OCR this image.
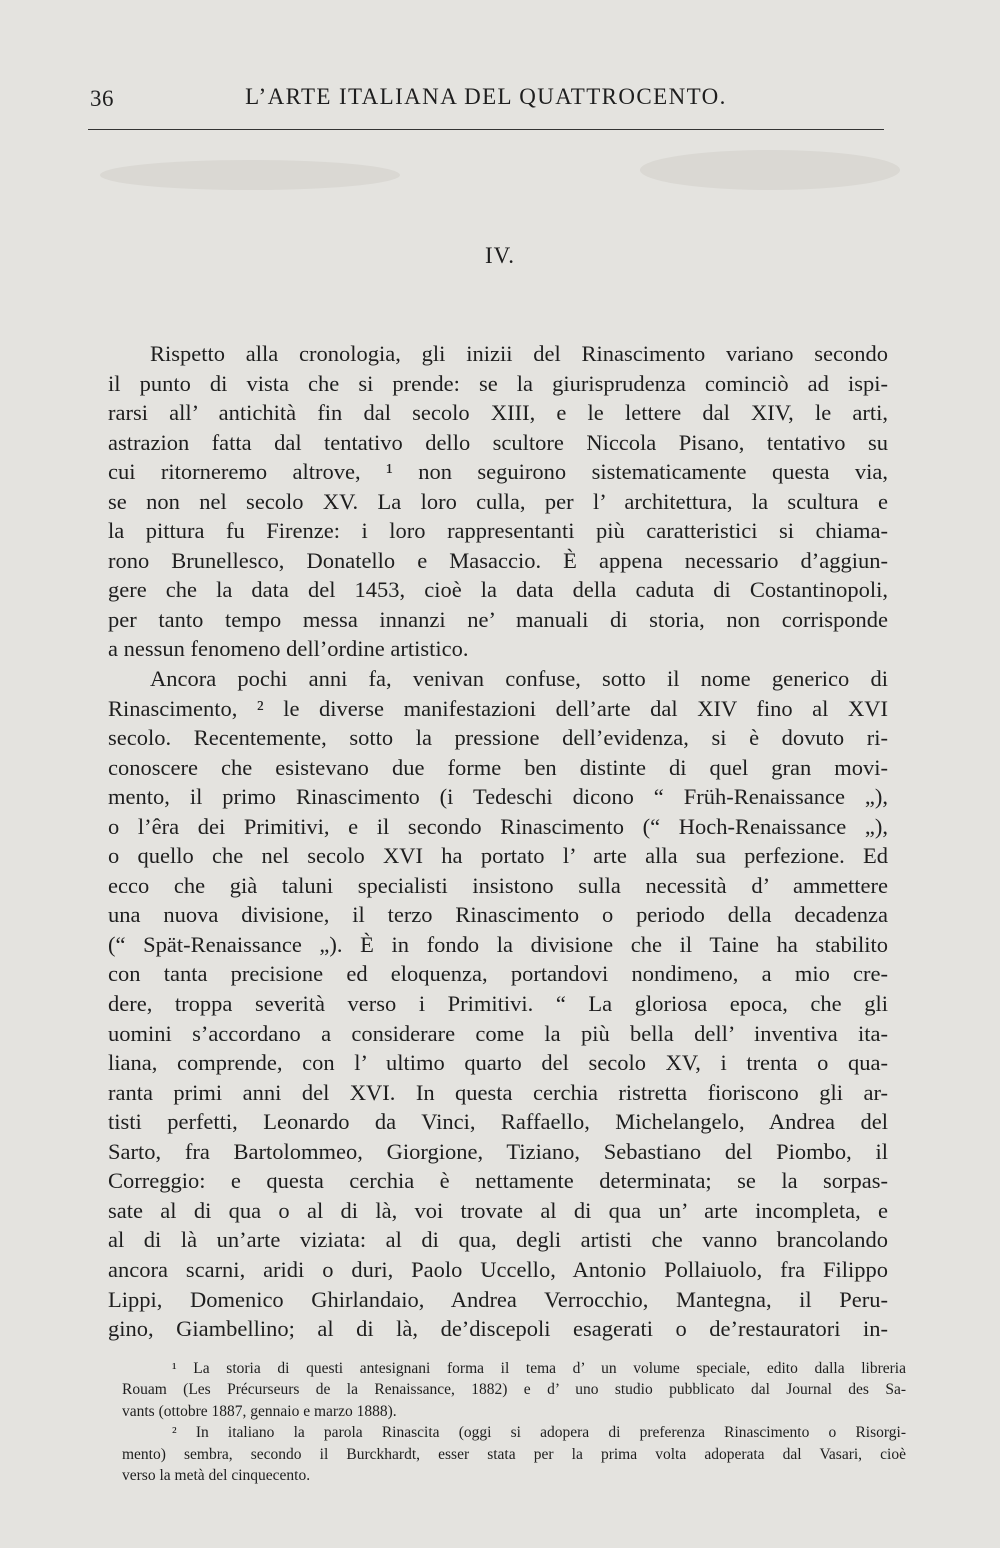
36	L’ARTE ITALIANA DEL QUATTROCENTO.
IV.
Rispetto alla cronologia, gli inizii del Rinascimento variano secondo
il punto di vista che si prende: se la giurisprudenza cominciò ad ispi-
rarsi all’ antichità fin dal secolo XIII, e le lettere dal XIV, le arti,
astrazion fatta dal tentativo dello scultore Niccola Pisano, tentativo su
cui ritorneremo altrove, ¹ non seguirono sistematicamente questa via,
se non nel secolo XV. La loro culla, per l’ architettura, la scultura e
la pittura fu Firenze: i loro rappresentanti più caratteristici si chiama-
rono Brunellesco, Donatello e Masaccio. È appena necessario d’aggiun-
gere che la data del 1453, cioè la data della caduta di Costantinopoli,
per tanto tempo messa innanzi ne’ manuali di storia, non corrisponde
a nessun fenomeno dell’ordine artistico.
Ancora pochi anni fa, venivan confuse, sotto il nome generico di
Rinascimento, ² le diverse manifestazioni dell’arte dal XIV fino al XVI
secolo. Recentemente, sotto la pressione dell’evidenza, si è dovuto ri-
conoscere che esistevano due forme ben distinte di quel gran movi-
mento, il primo Rinascimento (i Tedeschi dicono “ Früh-Renaissance „),
o l’êra dei Primitivi, e il secondo Rinascimento (“ Hoch-Renaissance „),
o quello che nel secolo XVI ha portato l’ arte alla sua perfezione. Ed
ecco che già taluni specialisti insistono sulla necessità d’ ammettere
una nuova divisione, il terzo Rinascimento o periodo della decadenza
(“ Spät-Renaissance „). È in fondo la divisione che il Taine ha stabilito
con tanta precisione ed eloquenza, portandovi nondimeno, a mio cre-
dere, troppa severità verso i Primitivi. “ La gloriosa epoca, che gli
uomini s’accordano a considerare come la più bella dell’ inventiva ita-
liana, comprende, con l’ ultimo quarto del secolo XV, i trenta o qua-
ranta primi anni del XVI. In questa cerchia ristretta fioriscono gli ar-
tisti perfetti, Leonardo da Vinci, Raffaello, Michelangelo, Andrea del
Sarto, fra Bartolommeo, Giorgione, Tiziano, Sebastiano del Piombo, il
Correggio: e questa cerchia è nettamente determinata; se la sorpas-
sate al di qua o al di là, voi trovate al di qua un’ arte incompleta, e
al di là un’arte viziata: al di qua, degli artisti che vanno brancolando
ancora scarni, aridi o duri, Paolo Uccello, Antonio Pollaiuolo, fra Filippo
Lippi, Domenico Ghirlandaio, Andrea Verrocchio, Mantegna, il Peru-
gino, Giambellino; al di là, de’discepoli esagerati o de’restauratori in-
¹ La storia di questi antesignani forma il tema d’ un volume speciale, edito dalla libreria
Rouam (Les Précurseurs de la Renaissance, 1882) e d’ uno studio pubblicato dal Journal des Sa-
vants (ottobre 1887, gennaio e marzo 1888).
² In italiano la parola Rinascita (oggi si adopera di preferenza Rinascimento o Risorgi-
mento) sembra, secondo il Burckhardt, esser stata per la prima volta adoperata dal Vasari, cioè
verso la metà del cinquecento.
